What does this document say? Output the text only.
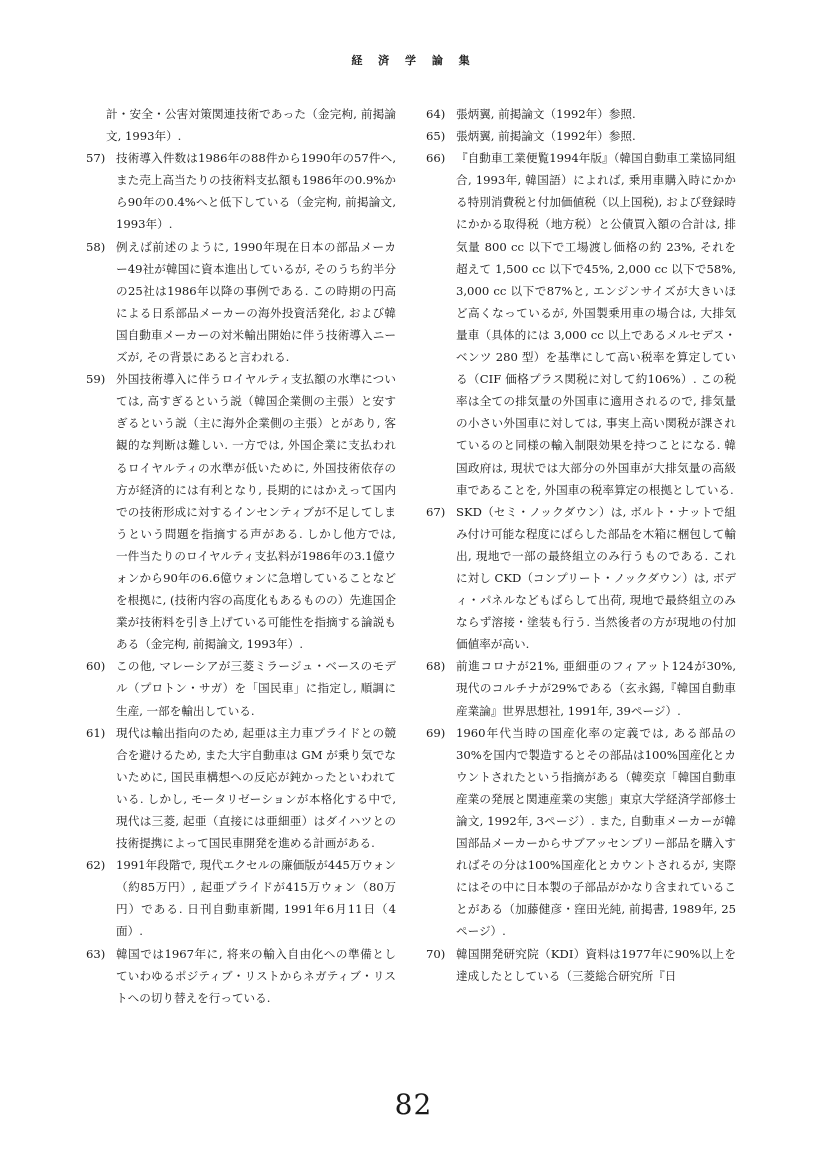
経 済 学 論 集
計・安全・公害対策関連技術であった（金完枸, 前掲論文, 1993年）.
57) 技術導入件数は1986年の88件から1990年の57件へ, また売上高当たりの技術料支払額も1986年の0.9%から90年の0.4%へと低下している（金完枸, 前掲論文, 1993年）.
58) 例えば前述のように, 1990年現在日本の部品メーカー49社が韓国に資本進出しているが, そのうち約半分の25社は1986年以降の事例である. この時期の円高による日系部品メーカーの海外投資活発化, および韓国自動車メーカーの対米輸出開始に伴う技術導入ニーズが, その背景にあると言われる.
59) 外国技術導入に伴うロイヤルティ支払額の水準については, 高すぎるという説（韓国企業側の主張）と安すぎるという説（主に海外企業側の主張）とがあり, 客観的な判断は難しい. 一方では, 外国企業に支払われるロイヤルティの水準が低いために, 外国技術依存の方が経済的には有利となり, 長期的にはかえって国内での技術形成に対するインセンティブが不足してしまうという問題を指摘する声がある. しかし他方では, 一件当たりのロイヤルティ支払料が1986年の3.1億ウォンから90年の6.6億ウォンに急増していることなどを根拠に, (技術内容の高度化もあるものの）先進国企業が技術料を引き上げている可能性を指摘する論説もある（金完枸, 前掲論文, 1993年）.
60) この他, マレーシアが三菱ミラージュ・ベースのモデル（プロトン・サガ）を「国民車」に指定し, 順調に生産, 一部を輸出している.
61) 現代は輸出指向のため, 起亜は主力車プライドとの競合を避けるため, また大宇自動車は GM が乗り気でないために, 国民車構想への反応が鈍かったといわれている. しかし, モータリゼーションが本格化する中で, 現代は三菱, 起亜（直接には亜細亜）はダイハツとの技術提携によって国民車開発を進める計画がある.
62) 1991年段階で, 現代エクセルの廉価版が445万ウォン（約85万円）, 起亜プライドが415万ウォン（80万円）である. 日刊自動車新聞, 1991年6月11日（4面）.
63) 韓国では1967年に, 将来の輸入自由化への準備としていわゆるポジティブ・リストからネガティブ・リストへの切り替えを行っている.
64) 張炳翼, 前掲論文（1992年）参照.
65) 張炳翼, 前掲論文（1992年）参照.
66) 『自動車工業便覧1994年版』（韓国自動車工業協同組合, 1993年, 韓国語）によれば, 乗用車購入時にかかる特別消費税と付加価値税（以上国税), および登録時にかかる取得税（地方税）と公債買入額の合計は, 排気量 800 cc 以下で工場渡し価格の約 23%, それを超えて 1,500 cc 以下で45%, 2,000 cc 以下で58%, 3,000 cc 以下で87%と, エンジンサイズが大きいほど高くなっているが, 外国製乗用車の場合は, 大排気量車（具体的には 3,000 cc 以上であるメルセデス・ベンツ 280 型）を基準にして高い税率を算定している（CIF 価格プラス関税に対して約106%）. この税率は全ての排気量の外国車に適用されるので, 排気量の小さい外国車に対しては, 事実上高い関税が課されているのと同様の輸入制限効果を持つことになる. 韓国政府は, 現状では大部分の外国車が大排気量の高級車であることを, 外国車の税率算定の根拠としている.
67) SKD（セミ・ノックダウン）は, ボルト・ナットで組み付け可能な程度にばらした部品を木箱に梱包して輸出, 現地で一部の最終組立のみ行うものである. これに対し CKD（コンプリート・ノックダウン）は, ボディ・パネルなどもばらして出荷, 現地で最終組立のみならず溶接・塗装も行う. 当然後者の方が現地の付加価値率が高い.
68) 前進コロナが21%, 亜細亜のフィアット124が30%, 現代のコルチナが29%である（玄永錫,『韓国自動車産業論』世界思想社, 1991年, 39ページ）.
69) 1960年代当時の国産化率の定義では, ある部品の30%を国内で製造するとその部品は100%国産化とカウントされたという指摘がある（韓奕京「韓国自動車産業の発展と関連産業の実態」東京大学経済学部修士論文, 1992年, 3ページ）. また, 自動車メーカーが韓国部品メーカーからサブアッセンブリー部品を購入すればその分は100%国産化とカウントされるが, 実際にはその中に日本製の子部品がかなり含まれていることがある（加藤健彦・窪田光純, 前掲書, 1989年, 25ページ）.
70) 韓国開発研究院（KDI）資料は1977年に90%以上を達成したとしている（三菱総合研究所『日
82
